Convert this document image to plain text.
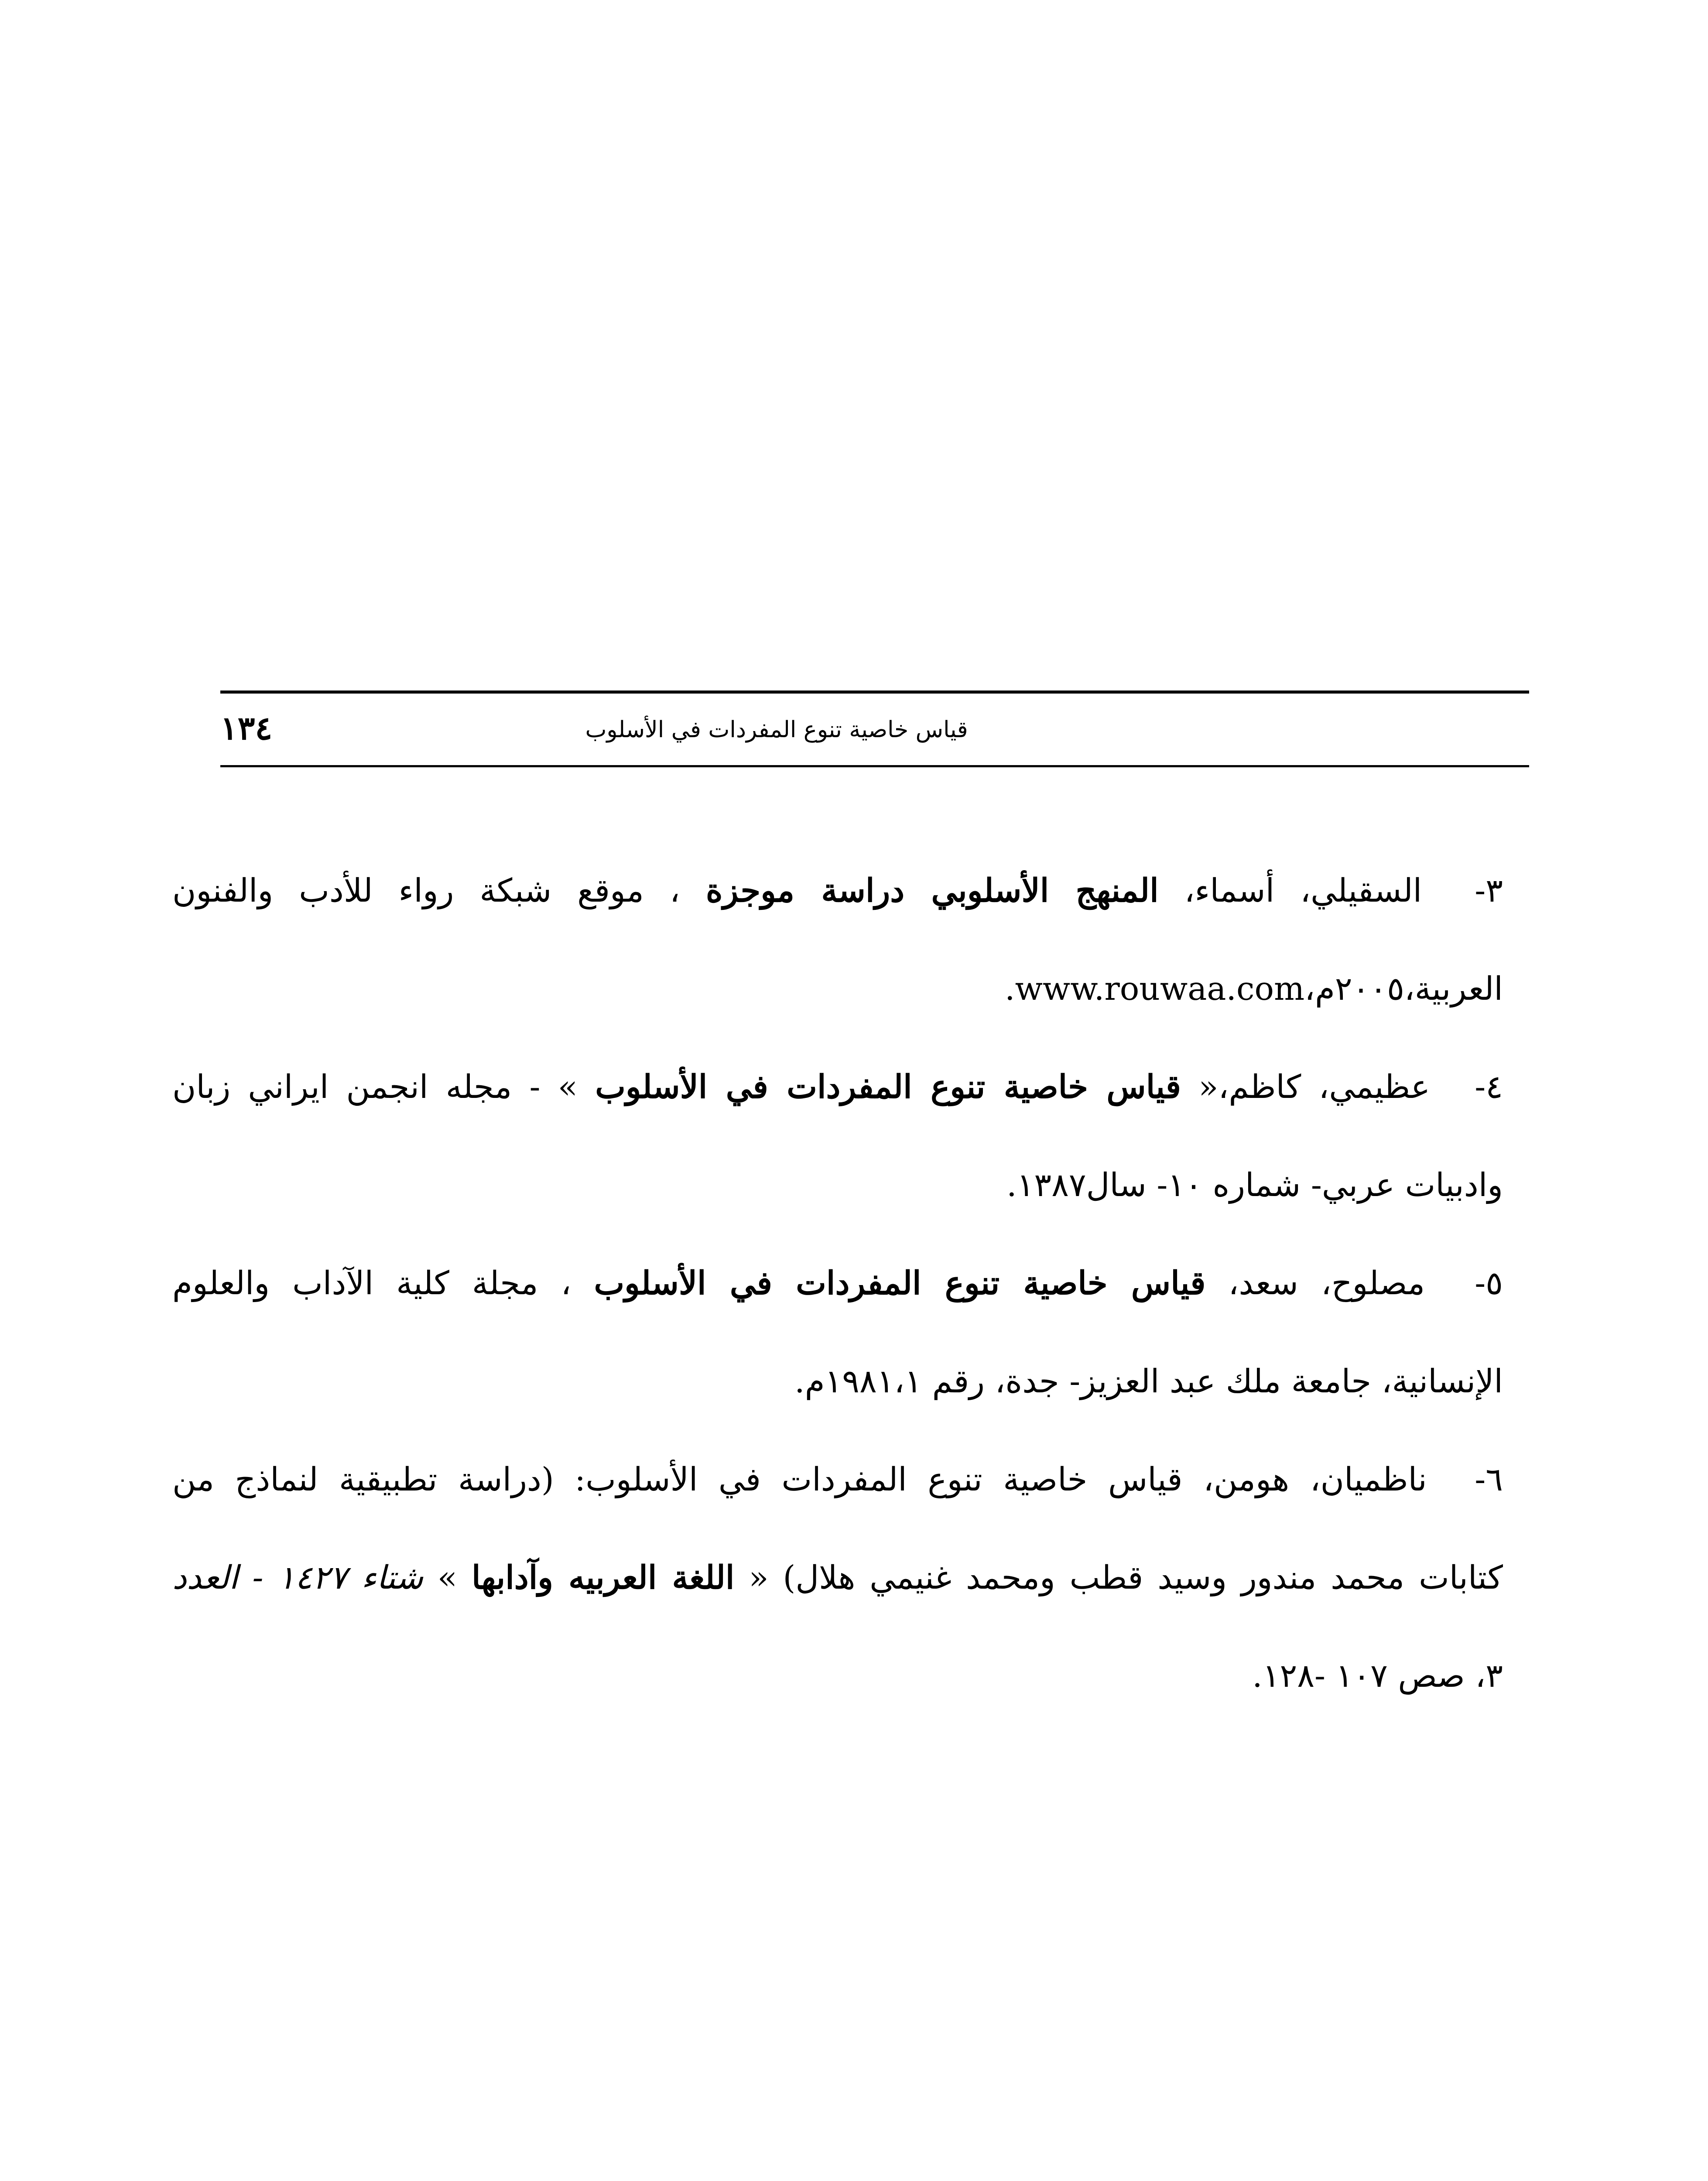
قياس خاصية تنوع المفردات في الأسلوب
١٣٤
٣- السقيلي، أسماء، المنهج الأسلوبي دراسة موجزة ، موقع شبكة رواء للأدب والفنون
العربية،٢٠٠٥م،www.rouwaa.com.
٤- عظيمي، كاظم،« قياس خاصية تنوع المفردات في الأسلوب » - مجله انجمن ايراني زبان
وادبيات عربي- شماره ١٠- سال١٣٨٧.
٥- مصلوح، سعد، قياس خاصية تنوع المفردات في الأسلوب ، مجلة كلية الآداب والعلوم
الإنسانية، جامعة ملك عبد العزيز- جدة، رقم ١٩٨١،١م.
٦- ناظميان، هومن، قياس خاصية تنوع المفردات في الأسلوب: (دراسة تطبيقية لنماذج من
كتابات محمد مندور وسيد قطب ومحمد غنيمي هلال) « اللغة العربيه وآدابها » شتاء ١٤٢٧ - العدد
٣، صص ١٠٧ -١٢٨.
